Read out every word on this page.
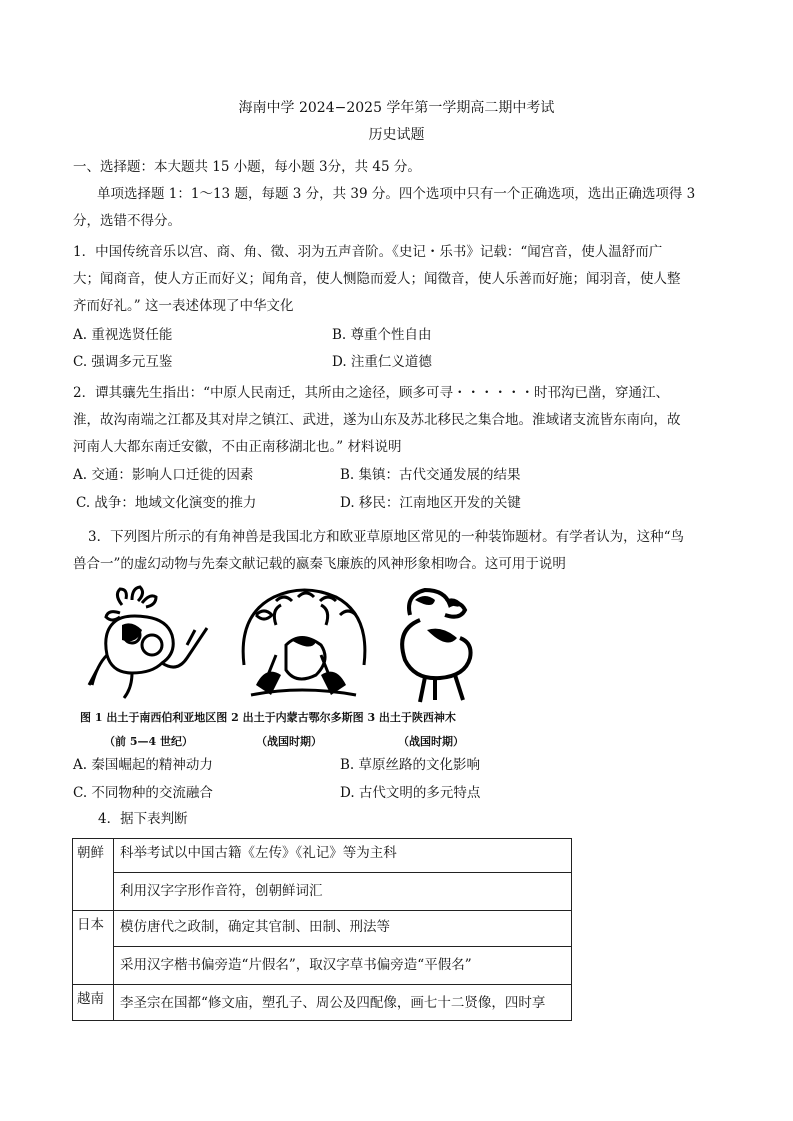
海南中学 2024−2025 学年第一学期高二期中考试
历史试题
一、选择题：本大题共 15 小题，每小题 3分，共 45 分。
单项选择题 1：1～13 题，每题 3 分，共 39 分。四个选项中只有一个正确选项，选出正确选项得 3
分，选错不得分。
1．中国传统音乐以宫、商、角、徵、羽为五声音阶。《史记・乐书》记载：“闻宫音，使人温舒而广
大；闻商音，使人方正而好义；闻角音，使人恻隐而爱人；闻徵音，使人乐善而好施；闻羽音，使人整
齐而好礼。” 这一表述体现了中华文化
A. 重视选贤任能	B. 尊重个性自由
C. 强调多元互鉴	D. 注重仁义道德
2．谭其骧先生指出：“中原人民南迁，其所由之途径，顾多可寻・・・・・・时邗沟已凿，穿通江、
淮，故沟南端之江都及其对岸之镇江、武进，遂为山东及苏北移民之集合地。淮域诸支流皆东南向，故
河南人大都东南迁安徽，不由正南移湖北也。” 材料说明
A. 交通：影响人口迁徙的因素	B. 集镇：古代交通发展的结果
C. 战争：地域文化演变的推力	D. 移民：江南地区开发的关键
3．下列图片所示的有角神兽是我国北方和欧亚草原地区常见的一种装饰题材。有学者认为，这种“鸟
兽合一”的虚幻动物与先秦文献记载的嬴秦飞廉族的风神形象相吻合。这可用于说明
图 1 出土于南西伯利亚地区图 2 出土于内蒙古鄂尔多斯图 3 出土于陕西神木
（前 5—4 世纪）	（战国时期）	（战国时期）
A. 秦国崛起的精神动力	B. 草原丝路的文化影响
C. 不同物种的交流融合	D. 古代文明的多元特点
4．据下表判断
朝鲜	科举考试以中国古籍《左传》《礼记》等为主科
	利用汉字字形作音符，创朝鲜词汇
日本	模仿唐代之政制，确定其官制、田制、刑法等
	采用汉字楷书偏旁造“片假名”，取汉字草书偏旁造“平假名”
越南	李圣宗在国都“修文庙，塑孔子、周公及四配像，画七十二贤像，四时享
